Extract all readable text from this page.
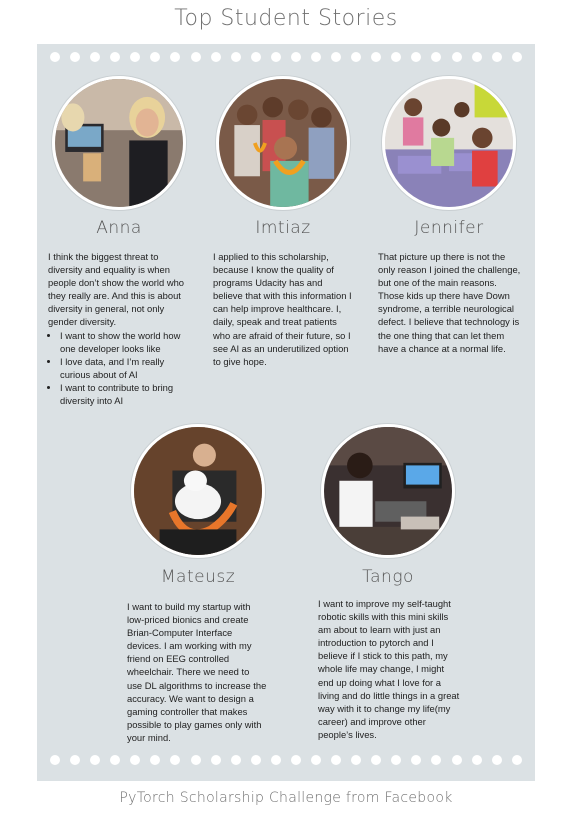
Top Student Stories
Anna

I think the biggest threat to diversity and equality is when people don’t show the world who they really are. And this is about diversity in general, not only gender diversity.

• I want to show the world how one developer looks like
• I love data, and I’m really curious about of AI
• I want to contribute to bring diversity into AI
Imtiaz

I applied to this scholarship, because I know the quality of programs Udacity has and believe that with this information I can help improve healthcare. I, daily, speak and treat patients who are afraid of their future, so I see AI as an underutilized option to give hope.

Jennifer

That picture up there is not the only reason I joined the challenge, but one of the main reasons. Those kids up there have Down syndrome, a terrible neurological defect. I believe that technology is the one thing that can let them have a chance at a normal life.

Mateusz

I want to build my startup with low-priced bionics and create Brian-Computer Interface devices. I am working with my friend on EEG controlled wheelchair. There we need to use DL algorithms to increase the accuracy. We want to design a gaming controller that makes possible to play games only with your mind.

Tango

I want to improve my self-taught robotic skills with this mini skills am about to learn with just an introduction to pytorch and I believe if I stick to this path, my whole life may change, I might end up doing what I love for a living and do little things in a great way with it to change my life(my career) and improve other people’s lives.

PyTorch Scholarship Challenge from Facebook
